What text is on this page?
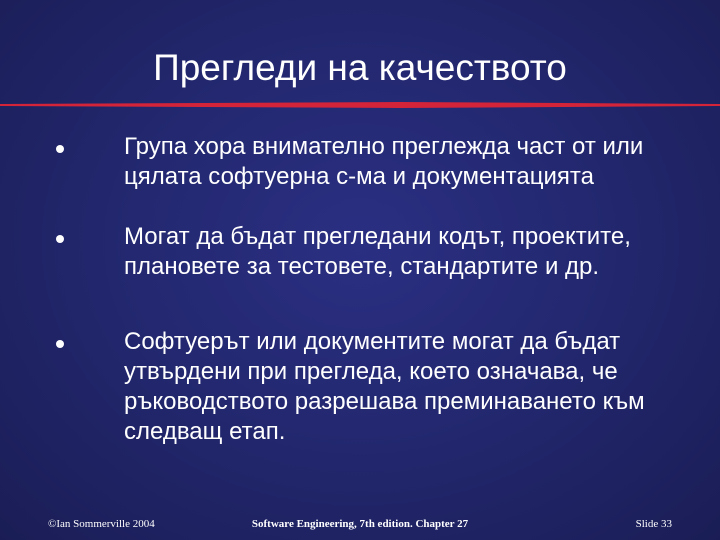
Прегледи на качеството
Група хора внимателно преглежда част от или цялата софтуерна с-ма и документацията
Могат да бъдат прегледани кодът, проектите, плановете за тестовете, стандартите и др.
Софтуерът или документите могат да бъдат утвърдени при прегледа, което означава, че ръководството разрешава преминаването към следващ етап.
©Ian Sommerville 2004	Software Engineering, 7th edition. Chapter 27	Slide 33
